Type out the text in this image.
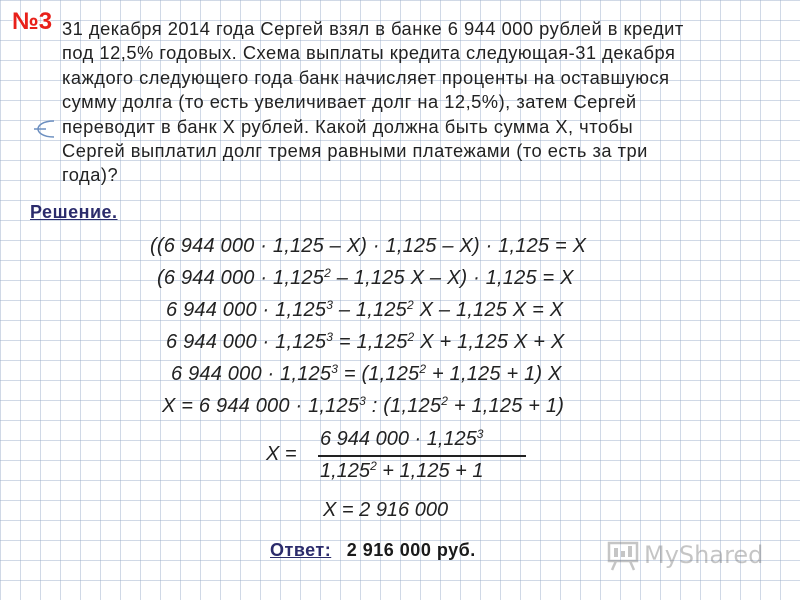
№3 31 декабря 2014 года Сергей взял в банке 6 944 000 рублей в кредит
под 12,5% годовых. Схема выплаты кредита следующая-31 декабря
каждого следующего года банк начисляет проценты на оставшуюся
сумму долга (то есть увеличивает долг на 12,5%), затем Сергей
переводит в банк Х рублей. Какой должна быть сумма Х, чтобы
Сергей выплатил долг тремя равными платежами (то есть за три
года)?
Решение.
((6 944 000 · 1,125 – X) · 1,125 – X) · 1,125 = X
(6 944 $000 \cdot 1,125^2 - 1,125$ X – X) · 1,125 = X
6 944 $000 \cdot 1,125^3 - 1,125^2$ X – 1,125 X = X
6 944 $000 \cdot 1,125^3 = 1,125^2$ X + 1,125 X + X
6 944 $000 \cdot 1,125^3 = (1,125^2 + 1,125 + 1)$ X
X = 6 944 $000 \cdot 1,125^3$ : $(1,125^2 + 1,125 + 1)$
X =
6 944 $000 \cdot 1,125^3$
$1,125^2 + 1,125 + 1$
X = 2 916 000
Ответ: 2 916 000 руб.	MyShared
